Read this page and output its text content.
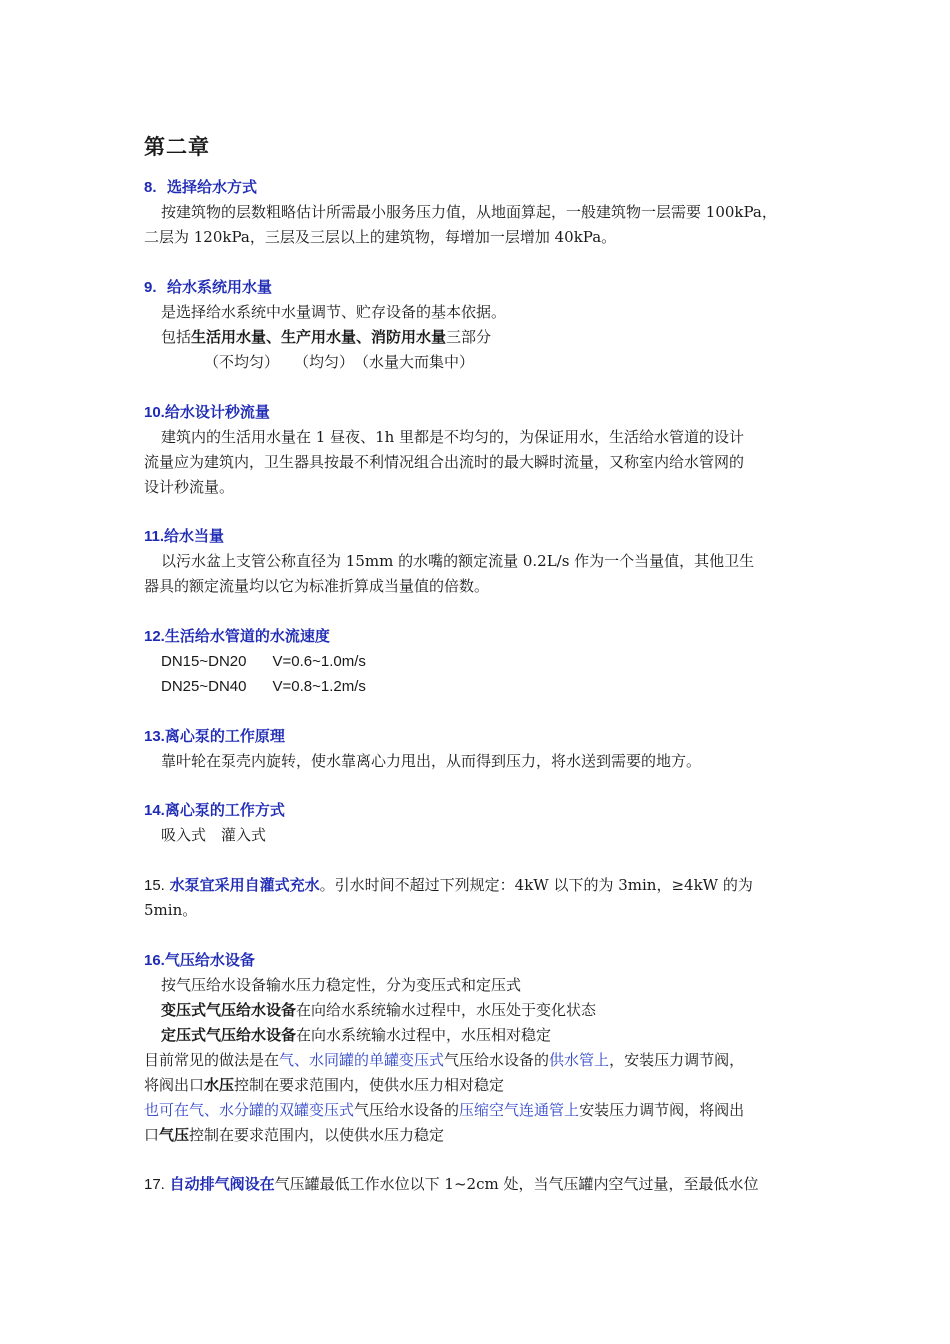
第二章
8. 选择给水方式
按建筑物的层数粗略估计所需最小服务压力值，从地面算起，一般建筑物一层需要 100kPa，
二层为 120kPa，三层及三层以上的建筑物，每增加一层增加 40kPa。
9. 给水系统用水量
是选择给水系统中水量调节、贮存设备的基本依据。
包括生活用水量、生产用水量、消防用水量三部分
（不均匀）　　（均匀）　（水量大而集中）
10.给水设计秒流量
建筑内的生活用水量在 1 昼夜、1h 里都是不均匀的，为保证用水，生活给水管道的设计
流量应为建筑内，卫生器具按最不利情况组合出流时的最大瞬时流量，又称室内给水管网的
设计秒流量。
11.给水当量
以污水盆上支管公称直径为 15mm 的水嘴的额定流量 0.2L/s 作为一个当量值，其他卫生
器具的额定流量均以它为标准折算成当量值的倍数。
12.生活给水管道的水流速度
DN15~DN20 V=0.6~1.0m/s
DN25~DN40 V=0.8~1.2m/s
13.离心泵的工作原理
靠叶轮在泵壳内旋转，使水靠离心力甩出，从而得到压力，将水送到需要的地方。
14.离心泵的工作方式
吸入式　灌入式
15. 水泵宜采用自灌式充水。引水时间不超过下列规定：4kW 以下的为 3min，≥4kW 的为
5min。
16.气压给水设备
按气压给水设备输水压力稳定性，分为变压式和定压式
变压式气压给水设备在向给水系统输水过程中，水压处于变化状态
定压式气压给水设备在向水系统输水过程中，水压相对稳定
目前常见的做法是在气、水同罐的单罐变压式气压给水设备的供水管上，安装压力调节阀，
将阀出口水压控制在要求范围内，使供水压力相对稳定
也可在气、水分罐的双罐变压式气压给水设备的压缩空气连通管上安装压力调节阀，将阀出
口气压控制在要求范围内，以使供水压力稳定
17. 自动排气阀设在气压罐最低工作水位以下 1~2cm 处，当气压罐内空气过量，至最低水位
